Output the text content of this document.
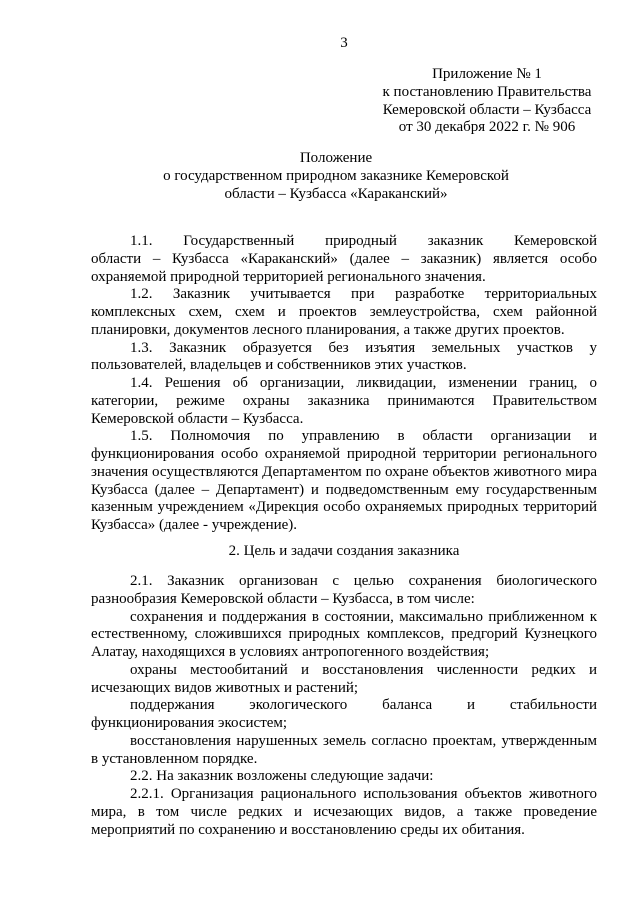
3
Приложение № 1
к постановлению Правительства
Кемеровской области – Кузбасса
от 30 декабря 2022 г. № 906
Положение
о государственном природном заказнике Кемеровской
области – Кузбасса «Караканский»
1.1. Государственный природный заказник Кемеровской
области – Кузбасса «Караканский» (далее – заказник) является особо
охраняемой природной территорией регионального значения.
1.2. Заказник учитывается при разработке территориальных
комплексных схем, схем и проектов землеустройства, схем районной
планировки, документов лесного планирования, а также других проектов.
1.3. Заказник образуется без изъятия земельных участков у
пользователей, владельцев и собственников этих участков.
1.4. Решения об организации, ликвидации, изменении границ, о
категории, режиме охраны заказника принимаются Правительством
Кемеровской области – Кузбасса.
1.5. Полномочия по управлению в области организации и
функционирования особо охраняемой природной территории регионального
значения осуществляются Департаментом по охране объектов животного мира
Кузбасса (далее – Департамент) и подведомственным ему государственным
казенным учреждением «Дирекция особо охраняемых природных территорий
Кузбасса» (далее - учреждение).
2. Цель и задачи создания заказника
2.1. Заказник организован с целью сохранения биологического
разнообразия Кемеровской области – Кузбасса, в том числе:
сохранения и поддержания в состоянии, максимально приближенном к
естественному, сложившихся природных комплексов, предгорий Кузнецкого
Алатау, находящихся в условиях антропогенного воздействия;
охраны местообитаний и восстановления численности редких и
исчезающих видов животных и растений;
поддержания экологического баланса и стабильности
функционирования экосистем;
восстановления нарушенных земель согласно проектам, утвержденным
в установленном порядке.
2.2. На заказник возложены следующие задачи:
2.2.1. Организация рационального использования объектов животного
мира, в том числе редких и исчезающих видов, а также проведение
мероприятий по сохранению и восстановлению среды их обитания.
